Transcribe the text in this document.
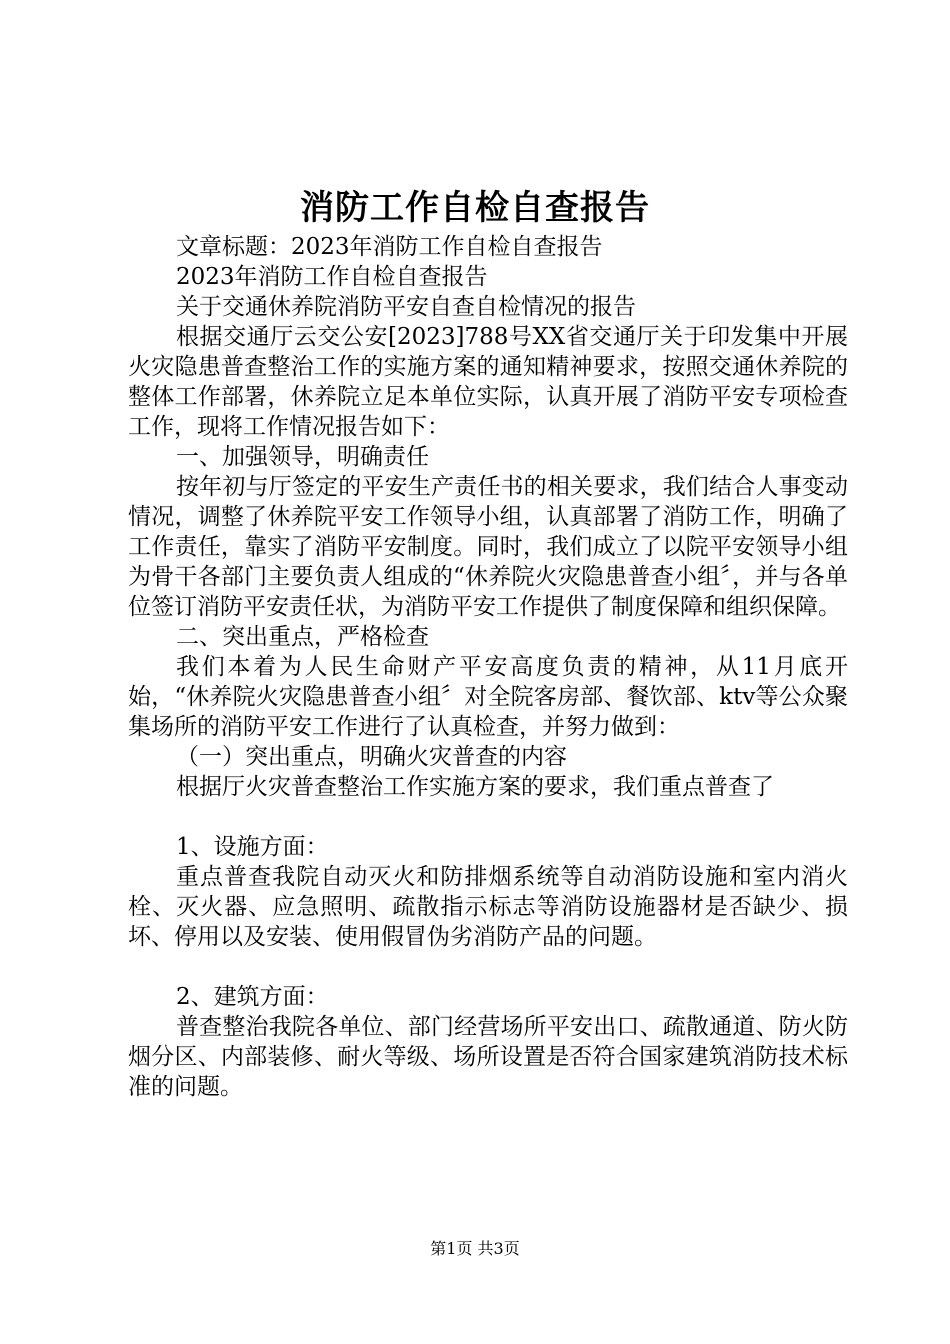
消防工作自检自查报告

文章标题：2023年消防工作自检自查报告

2023年消防工作自检自查报告

关于交通休养院消防平安自查自检情况的报告

根据交通厅云交公安[2023]788号XX省交通厅关于印发集中开展火灾隐患普查整治工作的实施方案的通知精神要求，按照交通休养院的整体工作部署，休养院立足本单位实际，认真开展了消防平安专项检查工作，现将工作情况报告如下：

一、加强领导，明确责任

按年初与厅签定的平安生产责任书的相关要求，我们结合人事变动情况，调整了休养院平安工作领导小组，认真部署了消防工作，明确了工作责任，靠实了消防平安制度。同时，我们成立了以院平安领导小组为骨干各部门主要负责人组成的“休养院火灾隐患普查小组〞，并与各单位签订消防平安责任状，为消防平安工作提供了制度保障和组织保障。

二、突出重点，严格检查

我们本着为人民生命财产平安高度负责的精神，从11月底开始，“休养院火灾隐患普查小组〞对全院客房部、餐饮部、ktv等公众聚集场所的消防平安工作进行了认真检查，并努力做到：

（一）突出重点，明确火灾普查的内容

根据厅火灾普查整治工作实施方案的要求，我们重点普查了

1、设施方面：

重点普查我院自动灭火和防排烟系统等自动消防设施和室内消火栓、灭火器、应急照明、疏散指示标志等消防设施器材是否缺少、损坏、停用以及安装、使用假冒伪劣消防产品的问题。

2、建筑方面：

普查整治我院各单位、部门经营场所平安出口、疏散通道、防火防烟分区、内部装修、耐火等级、场所设置是否符合国家建筑消防技术标准的问题。

第1页 共3页
